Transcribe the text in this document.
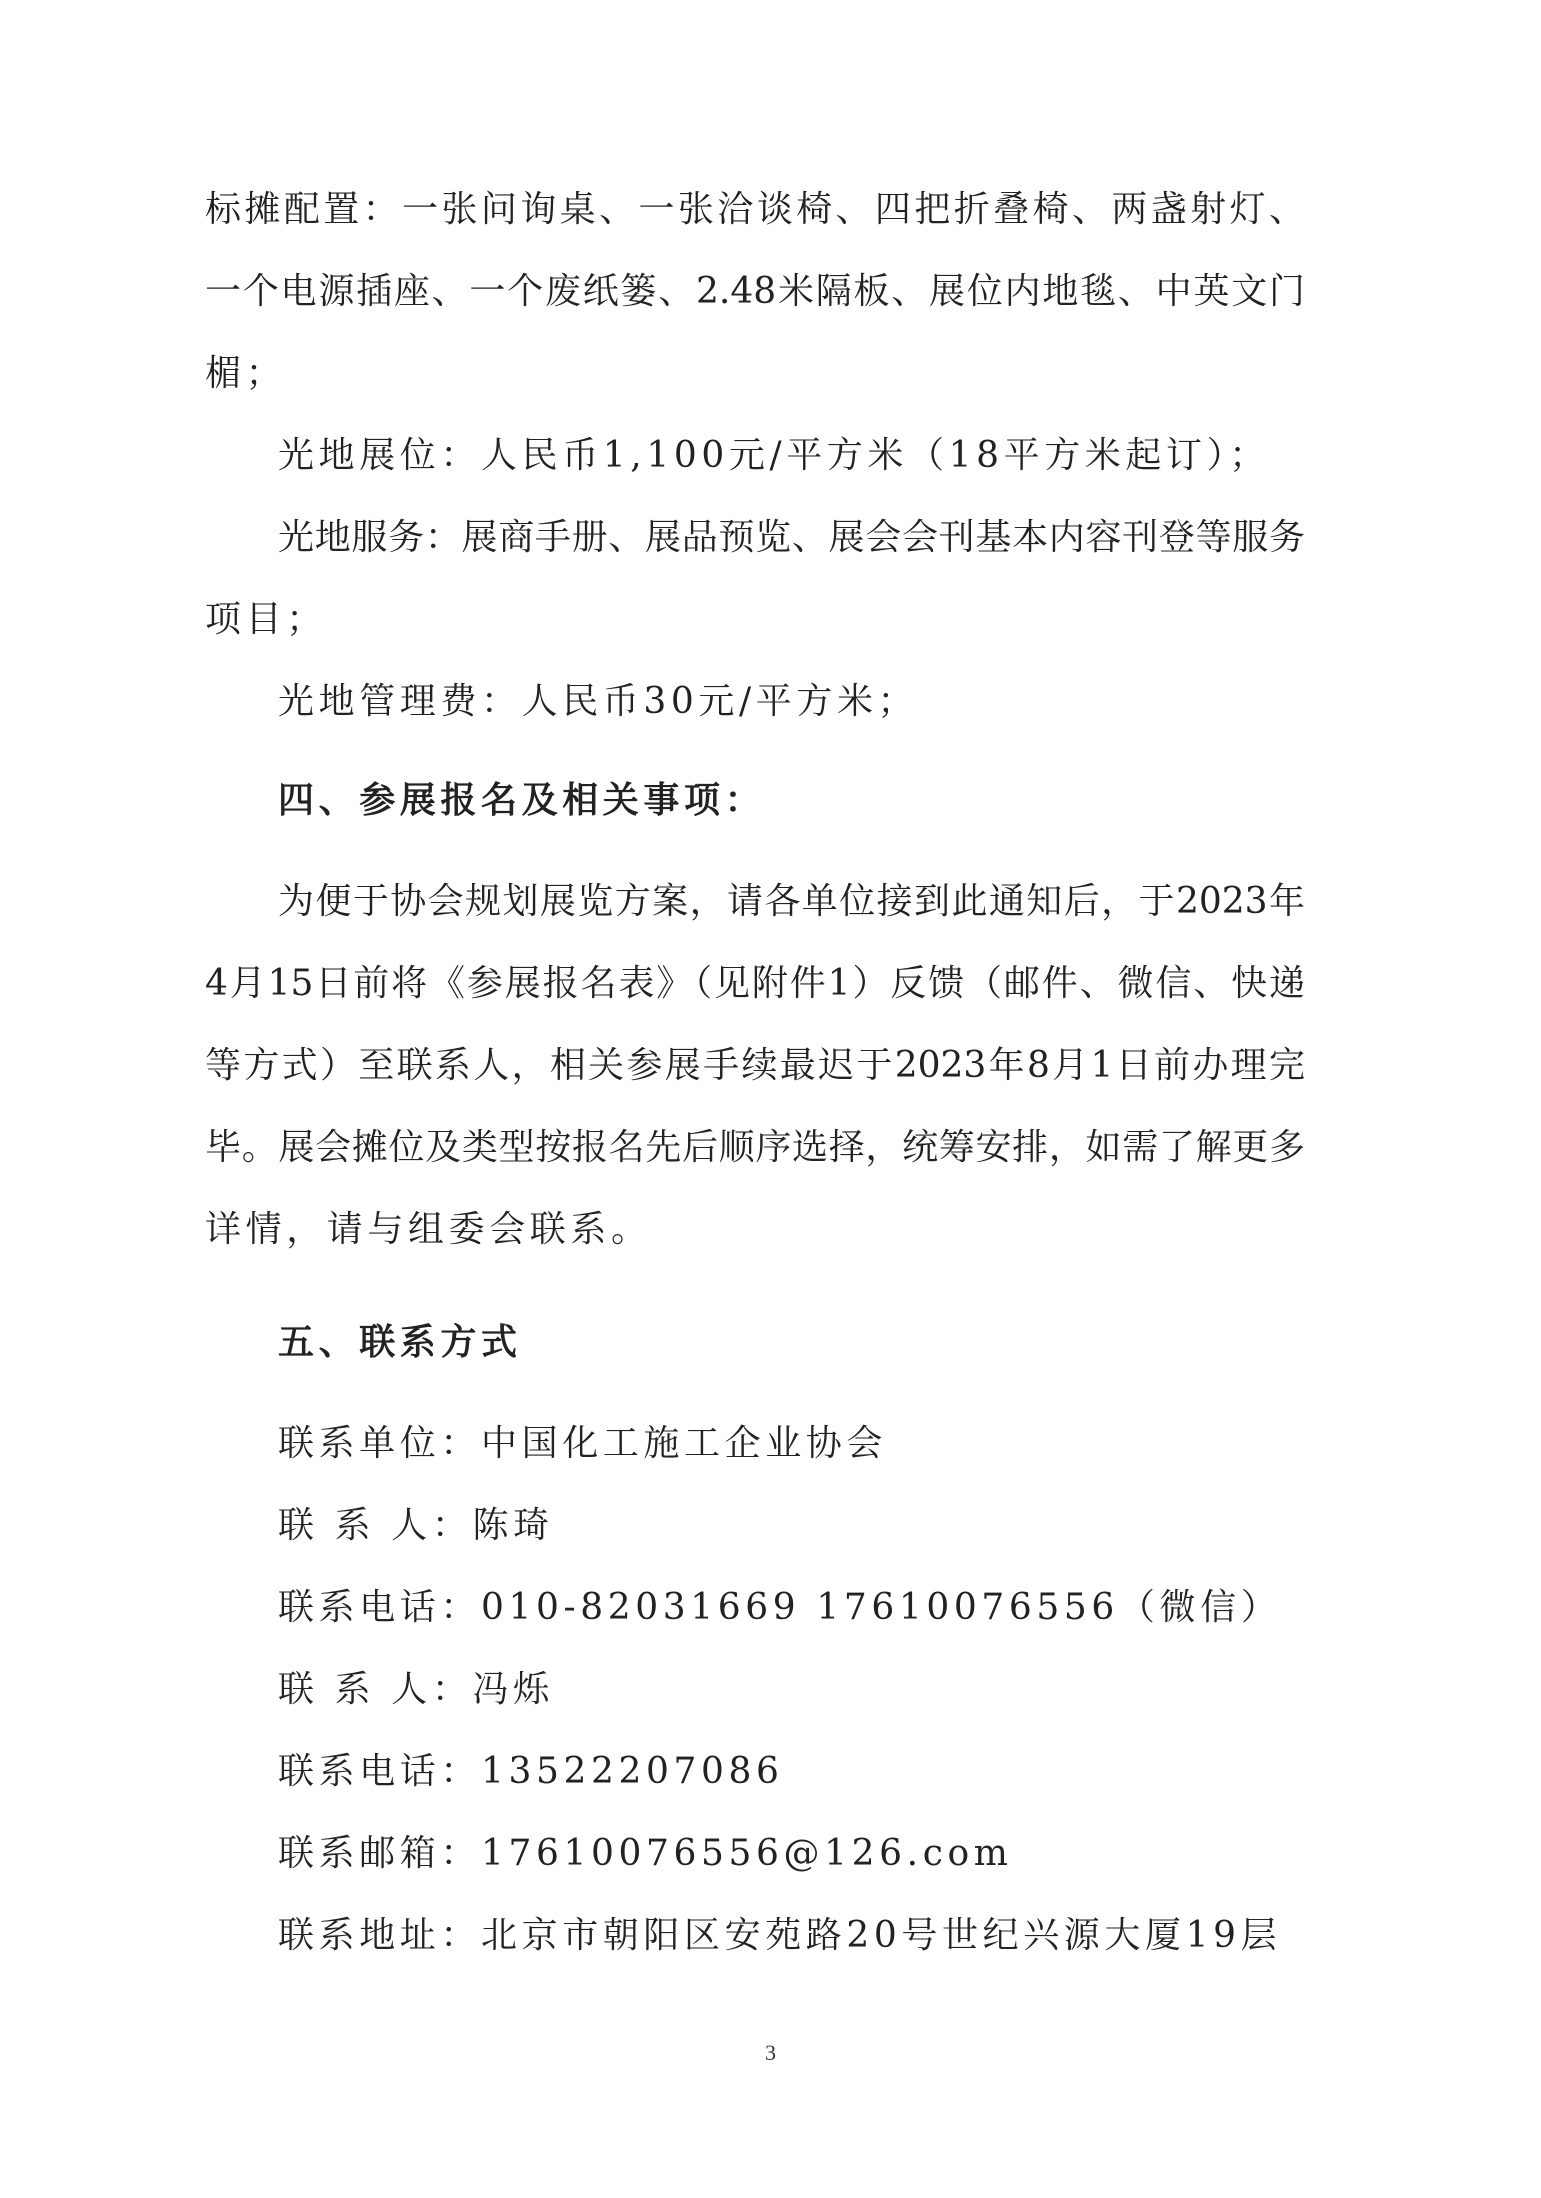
标摊配置：一张问询桌、一张洽谈椅、四把折叠椅、两盏射灯、
一个电源插座、一个废纸篓、2.48米隔板、展位内地毯、中英文门
楣；
光地展位：人民币1,100元/平方米（18平方米起订）；
光地服务：展商手册、展品预览、展会会刊基本内容刊登等服务
项目；
光地管理费：人民币30元/平方米；
四、参展报名及相关事项：
为便于协会规划展览方案，请各单位接到此通知后，于2023年
4月15日前将《参展报名表》（见附件1）反馈（邮件、微信、快递
等方式）至联系人，相关参展手续最迟于2023年8月1日前办理完
毕。展会摊位及类型按报名先后顺序选择，统筹安排，如需了解更多
详情，请与组委会联系。
五、联系方式
联系单位：中国化工施工企业协会
联 系 人：陈琦
联系电话：010-82031669 17610076556（微信）
联 系 人：冯烁
联系电话：13522207086
联系邮箱：17610076556@126.com
联系地址：北京市朝阳区安苑路20号世纪兴源大厦19层
3
